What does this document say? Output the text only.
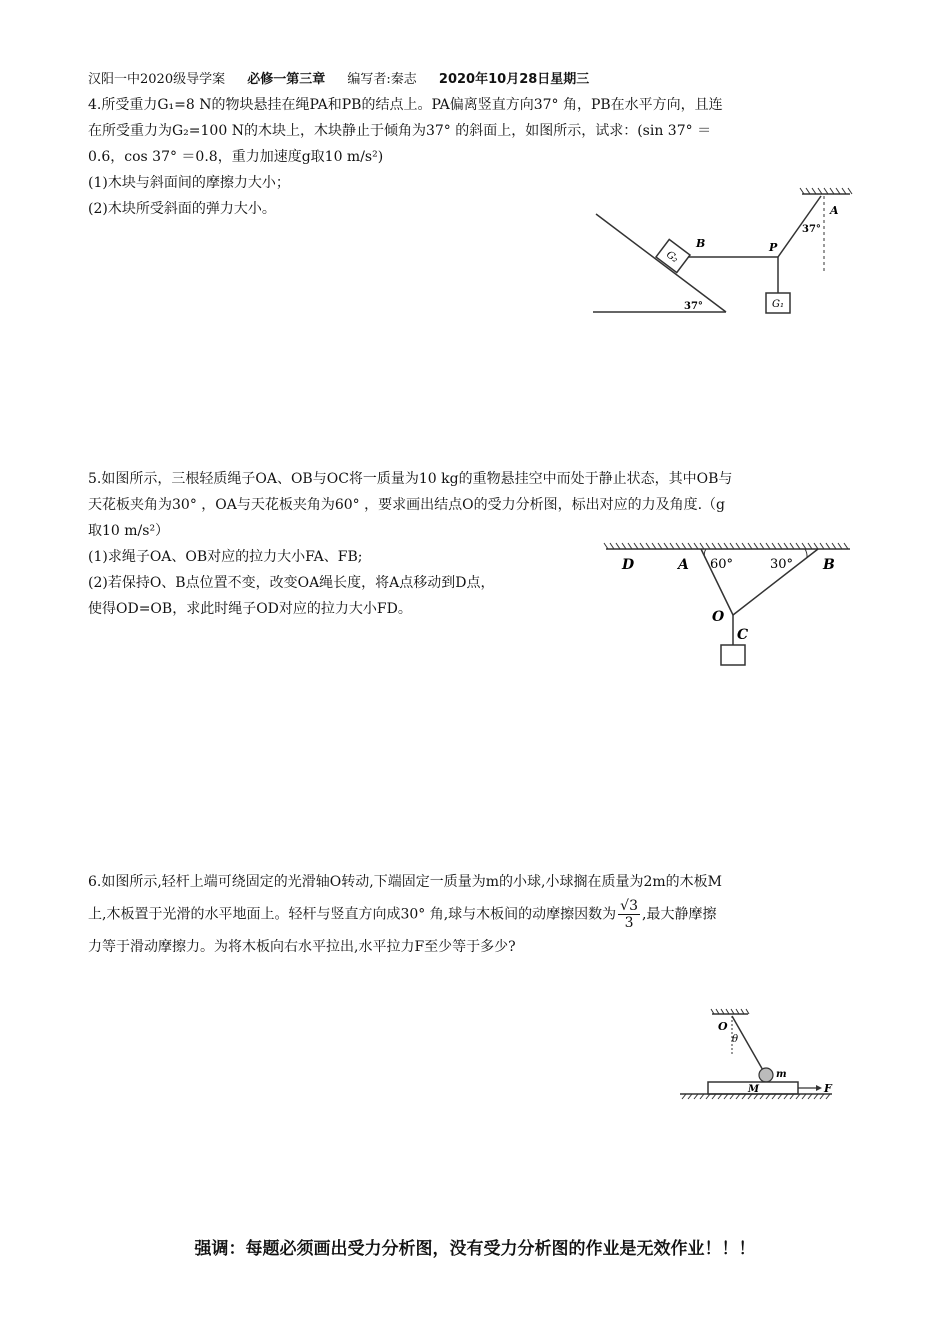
汉阳一中2020级导学案 必修一第三章 编写者:秦志 2020年10月28日星期三

4.所受重力G₁=8 N的物块悬挂在绳PA和PB的结点上。PA偏离竖直方向37° 角，PB在水平方向，且连

在所受重力为G₂=100 N的木块上，木块静止于倾角为37° 的斜面上，如图所示，试求：(sin 37° ＝

0.6，cos 37° ＝0.8，重力加速度g取10 m/s²)

(1)木块与斜面间的摩擦力大小；

(2)木块所受斜面的弹力大小。

G₂
G₁
B	P
A
37°
37°

5.如图所示，三根轻质绳子OA、OB与OC将一质量为10 kg的重物悬挂空中而处于静止状态，其中OB与

天花板夹角为30° ，OA与天花板夹角为60° ，要求画出结点O的受力分析图，标出对应的力及角度.（g

取10 m/s²）

(1)求绳子OA、OB对应的拉力大小FA、FB;

(2)若保持O、B点位置不变，改变OA绳长度，将A点移动到D点，

使得OD=OB，求此时绳子OD对应的拉力大小FD。

D	A 60°	30° B
O
C

6.如图所示,轻杆上端可绕固定的光滑轴O转动,下端固定一质量为m的小球,小球搁在质量为2m的木板M

上,木板置于光滑的水平地面上。轻杆与竖直方向成30° 角,球与木板间的动摩擦因数为 $\frac{√3}{3}$ ,最大静摩擦

力等于滑动摩擦力。为将木板向右水平拉出,水平拉力F至少等于多少?

O
θ
m
M	F
强调：每题必须画出受力分析图，没有受力分析图的作业是无效作业！！！
